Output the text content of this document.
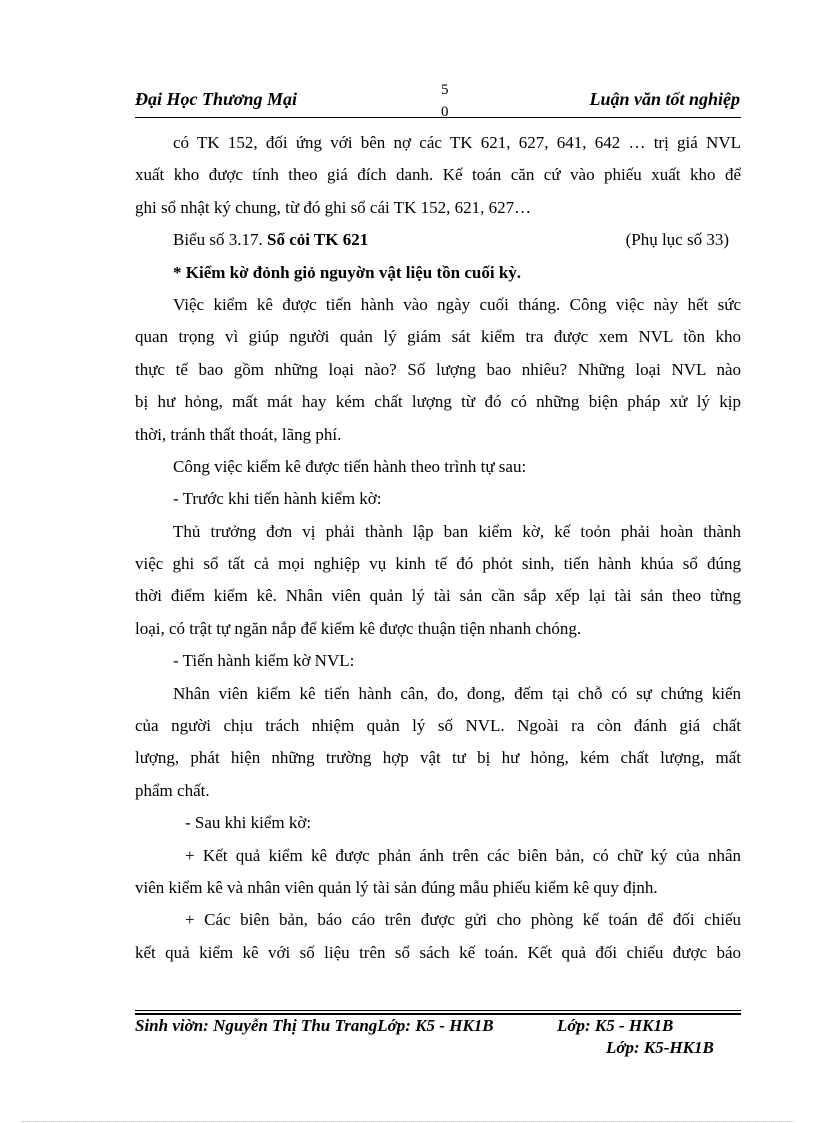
Đại Học Thương Mại	5
0
Luận văn tốt nghiệp
có TK 152, đối ứng với bên nợ các TK 621, 627, 641, 642 … trị giá NVL
xuất kho được tính theo giá đích danh. Kế toán căn cứ vào phiếu xuất kho để
ghi sổ nhật ký chung, từ đó ghi sổ cái TK 152, 621, 627…
Biểu số 3.17. Sổ cỏi TK 621	(Phụ lục số 33)
* Kiểm kờ đỏnh giỏ nguyờn vật liệu tồn cuối kỳ.
Việc kiểm kê được tiến hành vào ngày cuối tháng. Công việc này hết sức
quan trọng vì giúp người quản lý giám sát kiểm tra được xem NVL tồn kho
thực tế bao gồm những loại nào? Số lượng bao nhiêu? Những loại NVL nào
bị hư hỏng, mất mát hay kém chất lượng từ đó có những biện pháp xử lý kịp
thời, tránh thất thoát, lãng phí.
Công việc kiểm kê được tiến hành theo trình tự sau:
- Trước khi tiến hành kiểm kờ:
Thủ trưởng đơn vị phải thành lập ban kiểm kờ, kế toỏn phải hoàn thành
việc ghi sổ tất cả mọi nghiệp vụ kinh tế đó phỏt sinh, tiến hành khúa sổ đúng
thời điểm kiểm kê. Nhân viên quản lý tài sản cần sắp xếp lại tài sản theo từng
loại, có trật tự ngăn nắp để kiểm kê được thuận tiện nhanh chóng.
- Tiến hành kiểm kờ NVL:
Nhân viên kiểm kê tiến hành cân, đo, đong, đếm tại chỗ có sự chứng kiến
của người chịu trách nhiệm quản lý số NVL. Ngoài ra còn đánh giá chất
lượng, phát hiện những trường hợp vật tư bị hư hỏng, kém chất lượng, mất
phẩm chất.
- Sau khi kiểm kờ:
+ Kết quả kiểm kê được phản ánh trên các biên bản, có chữ ký của nhân
viên kiểm kê và nhân viên quản lý tài sản đúng mẫu phiếu kiểm kê quy định.
+ Các biên bản, báo cáo trên được gửi cho phòng kế toán để đối chiếu
kết quả kiểm kê với số liệu trên sổ sách kế toán. Kết quả đối chiếu được báo
Sinh viờn: Nguyễn Thị Thu TrangLớp: K5 - HK1B	Lớp: K5 - HK1B
Lớp: K5-HK1B
